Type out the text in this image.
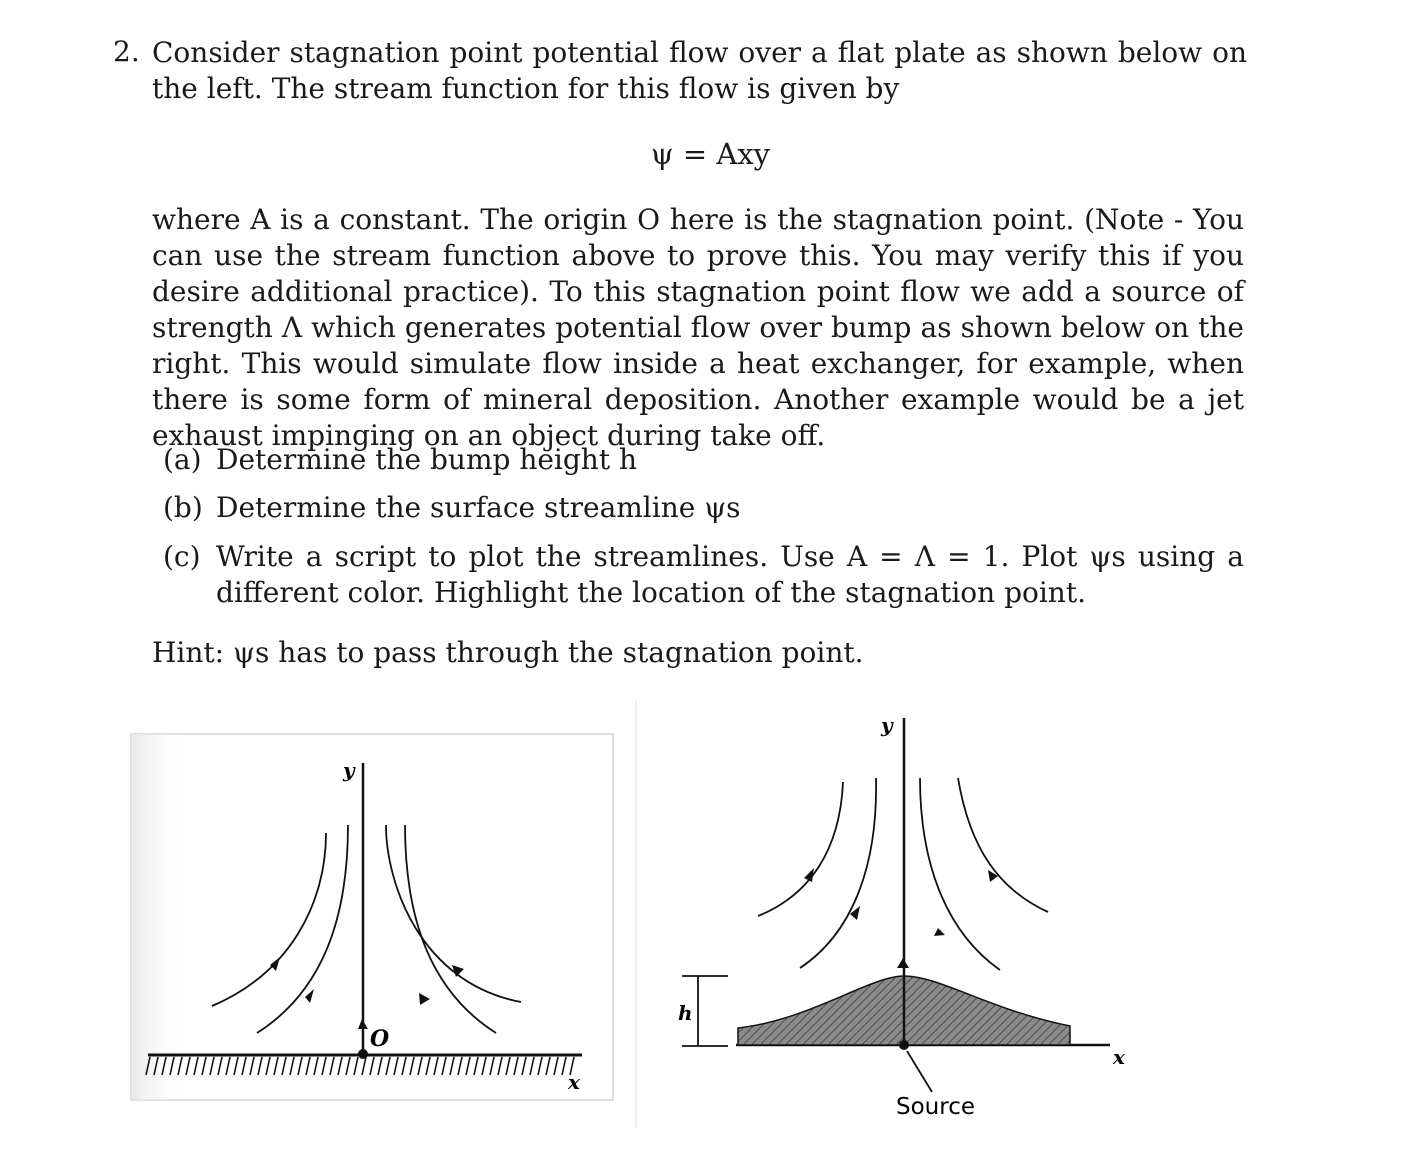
2. Consider stagnation point potential flow over a flat plate as shown below on the left. The stream function for this flow is given by
ψ = Axy
where A is a constant. The origin O here is the stagnation point. (Note - You can use the stream function above to prove this. You may verify this if you desire additional practice). To this stagnation point flow we add a source of strength Λ which generates potential flow over bump as shown below on the right. This would simulate flow inside a heat exchanger, for example, when there is some form of mineral deposition. Another example would be a jet exhaust impinging on an object during take off.
(a) Determine the bump height h
(b) Determine the surface streamline ψs
(c) Write a script to plot the streamlines. Use A = Λ = 1. Plot ψs using a different color. Highlight the location of the stagnation point.
Hint: ψs has to pass through the stagnation point.
y
O
x
x
y
Source
h
